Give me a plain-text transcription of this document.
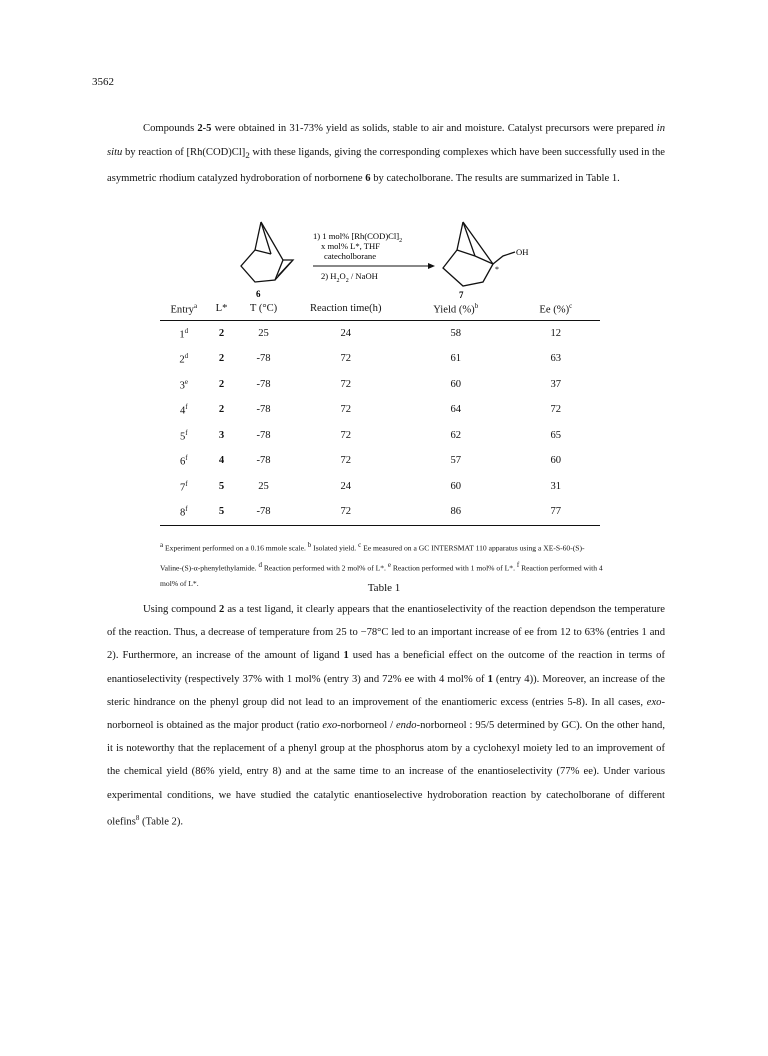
3562

Compounds 2-5 were obtained in 31-73% yield as solids, stable to air and moisture. Catalyst precursors were prepared in situ by reaction of $[Rh(COD)Cl]_2$ with these ligands, giving the corresponding complexes which have been successfully used in the asymmetric rhodium catalyzed hydroboration of norbornene 6 by catecholborane. The results are summarized in Table 1.

6
1) 1 mol% $[Rh(COD)Cl]_2$
x mol% L*, THF
catecholborane
2) $H_2O_2$ / NaOH
OH
*
7
Entry$^a$	L*	T (°C)	Reaction time(h)	Yield (%)$^b$	Ee (%)$^c$
1$^d$	2	25	24	58	12
2$^d$	2	-78	72	61	63
3e	2	-78	72	60	37
4$^f$	2	-78	72	64	72
5$^f$	3	-78	72	62	65
6$^f$	4	-78	72	57	60
7$^f$	5	25	24	60	31
8$^f$	5	-78	72	86	77
$^a$ Experiment performed on a 0.16 mmole scale. $^b$ Isolated yield. $^c$ Ee measured on a GC INTERSMAT 110 apparatus using a XE-S-60-(S)-Valine-(S)-α-phenylethylamide. $^d$ Reaction performed with 2 mol% of L*. $^e$ Reaction performed with 1 mol% of L*. $^f$ Reaction performed with 4 mol% of L*.	Table 1

Using compound 2 as a test ligand, it clearly appears that the enantioselectivity of the reaction dependson the temperature of the reaction. Thus, a decrease of temperature from 25 to −78°C led to an important increase of ee from 12 to 63% (entries 1 and 2). Furthermore, an increase of the amount of ligand 1 used has a beneficial effect on the outcome of the reaction in terms of enantioselectivity (respectively 37% with 1 mol% (entry 3) and 72% ee with 4 mol% of 1 (entry 4)). Moreover, an increase of the steric hindrance on the phenyl group did not lead to an improvement of the enantiomeric excess (entries 5-8). In all cases, exo-norborneol is obtained as the major product (ratio exo-norborneol / endo-norborneol : 95/5 determined by GC). On the other hand, it is noteworthy that the replacement of a phenyl group at the phosphorus atom by a cyclohexyl moiety led to an improvement of the chemical yield (86% yield, entry 8) and at the same time to an increase of the enantioselectivity (77% ee). Under various experimental conditions, we have studied the catalytic enantioselective hydroboration reaction by catecholborane of different olefins$^8$ (Table 2).
